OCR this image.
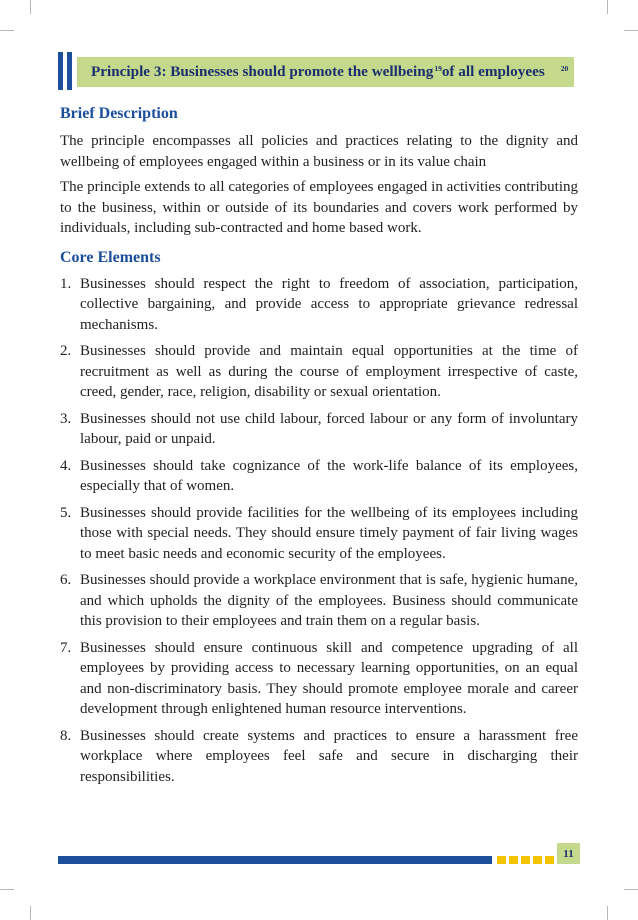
Principle 3: Businesses should promote the wellbeing$^{19}$ of all employees $^{20}$
Brief Description

The principle encompasses all policies and practices relating to the dignity and wellbeing of employees engaged within a business or in its value chain

The principle extends to all categories of employees engaged in activities contributing to the business, within or outside of its boundaries and covers work performed by individuals, including sub-contracted and home based work.

Core Elements
1. Businesses should respect the right to freedom of association, participation, collective bargaining, and provide access to appropriate grievance redressal mechanisms.
2. Businesses should provide and maintain equal opportunities at the time of recruitment as well as during the course of employment irrespective of caste, creed, gender, race, religion, disability or sexual orientation.
3. Businesses should not use child labour, forced labour or any form of involuntary labour, paid or unpaid.
4. Businesses should take cognizance of the work-life balance of its employees, especially that of women.
5. Businesses should provide facilities for the wellbeing of its employees including those with special needs. They should ensure timely payment of fair living wages to meet basic needs and economic security of the employees.
6. Businesses should provide a workplace environment that is safe, hygienic humane, and which upholds the dignity of the employees. Business should communicate this provision to their employees and train them on a regular basis.
7. Businesses should ensure continuous skill and competence upgrading of all employees by providing access to necessary learning opportunities, on an equal and non-discriminatory basis. They should promote employee morale and career development through enlightened human resource interventions.
8. Businesses should create systems and practices to ensure a harassment free workplace where employees feel safe and secure in discharging their responsibilities.
11
